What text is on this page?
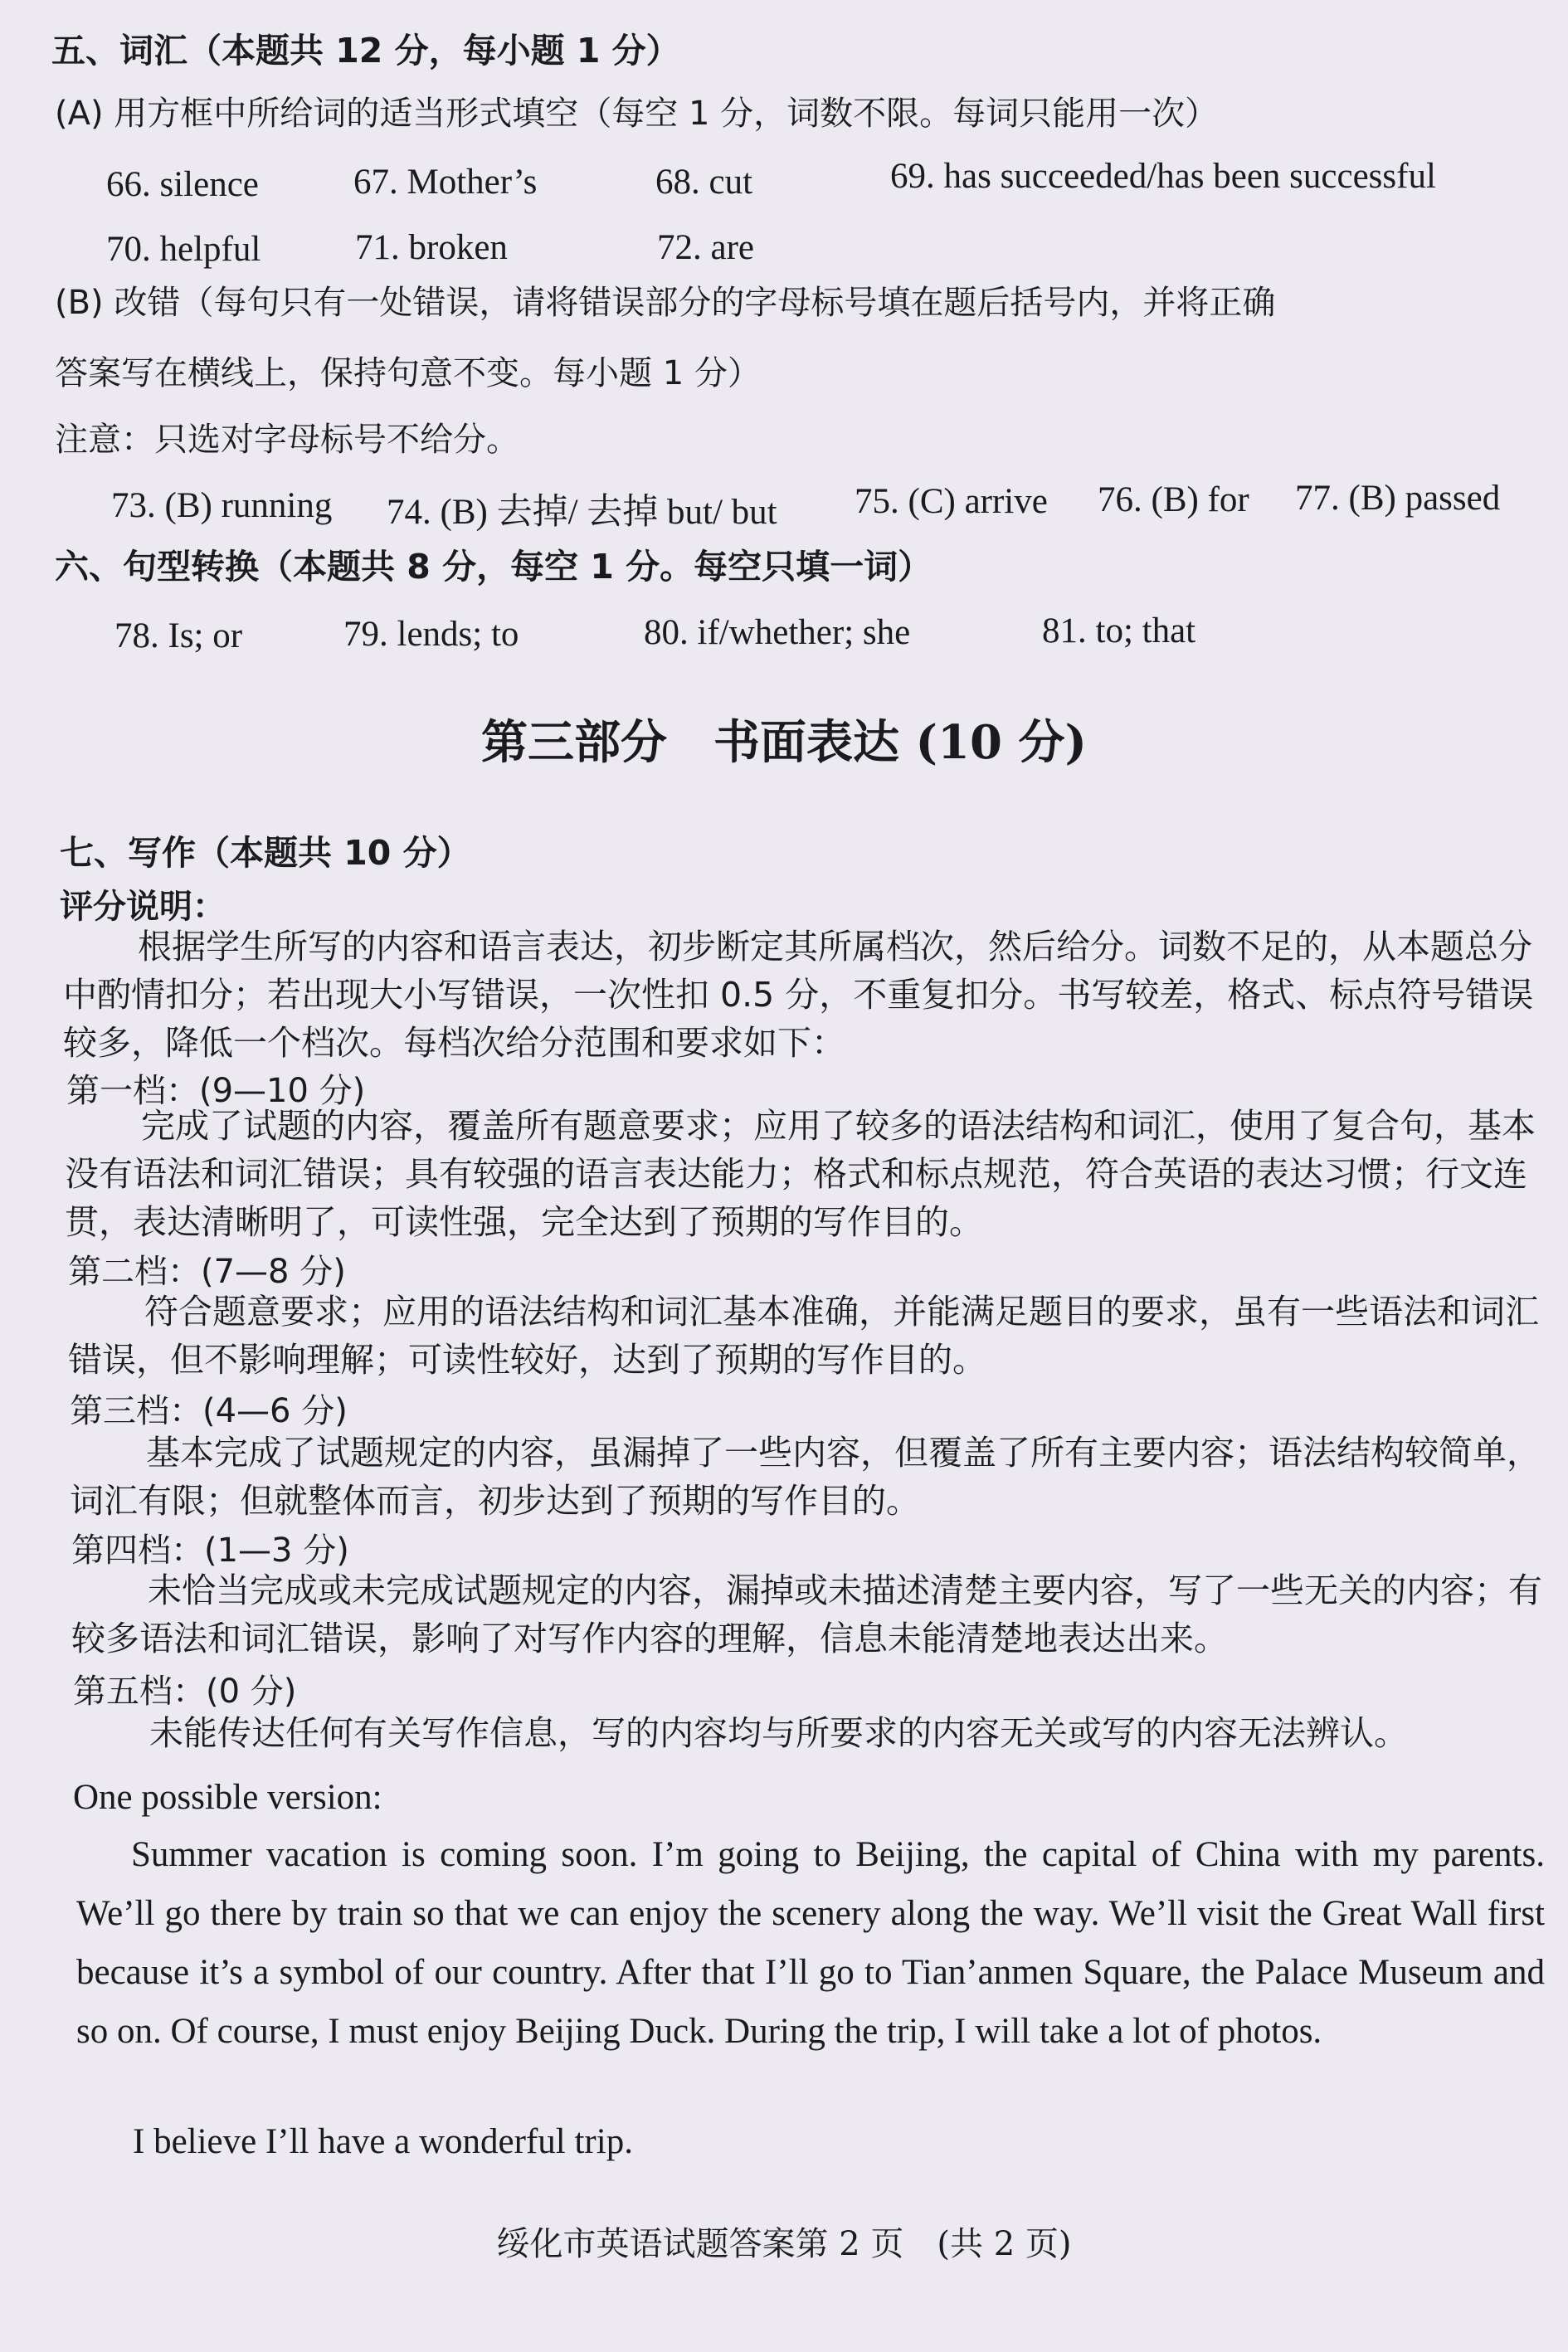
五、词汇（本题共 12 分，每小题 1 分）
(A) 用方框中所给词的适当形式填空（每空 1 分，词数不限。每词只能用一次）
66. silence	67. Mother’s	68. cut	69. has succeeded/has been successful
70. helpful	71. broken	72. are
(B) 改错（每句只有一处错误，请将错误部分的字母标号填在题后括号内，并将正确
答案写在横线上，保持句意不变。每小题 1 分）
注意：只选对字母标号不给分。
73. (B) running 74. (B) 去掉/ 去掉 but/ but 75. (C) arrive 76. (B) for 77. (B) passed
六、句型转换（本题共 8 分，每空 1 分。每空只填一词）
78. Is; or	79. lends; to	80. if/whether; she	81. to; that
第三部分　书面表达 (10 分)
七、写作（本题共 10 分）
评分说明：
根据学生所写的内容和语言表达，初步断定其所属档次，然后给分。词数不足的，从本题总分中酌情扣分；若出现大小写错误，一次性扣 0.5 分，不重复扣分。书写较差，格式、标点符号错误较多，降低一个档次。每档次给分范围和要求如下：
第一档：(9—10 分)
完成了试题的内容，覆盖所有题意要求；应用了较多的语法结构和词汇，使用了复合句，基本没有语法和词汇错误；具有较强的语言表达能力；格式和标点规范，符合英语的表达习惯；行文连贯，表达清晰明了，可读性强，完全达到了预期的写作目的。
第二档：(7—8 分)
符合题意要求；应用的语法结构和词汇基本准确，并能满足题目的要求，虽有一些语法和词汇错误，但不影响理解；可读性较好，达到了预期的写作目的。
第三档：(4—6 分)
基本完成了试题规定的内容，虽漏掉了一些内容，但覆盖了所有主要内容；语法结构较简单，词汇有限；但就整体而言，初步达到了预期的写作目的。
第四档：(1—3 分)
未恰当完成或未完成试题规定的内容，漏掉或未描述清楚主要内容，写了一些无关的内容；有较多语法和词汇错误，影响了对写作内容的理解，信息未能清楚地表达出来。
第五档：(0 分)
未能传达任何有关写作信息，写的内容均与所要求的内容无关或写的内容无法辨认。
One possible version:
Summer vacation is coming soon. I’m going to Beijing, the capital of China with my parents. We’ll go there by train so that we can enjoy the scenery along the way. We’ll visit the Great Wall first because it’s a symbol of our country. After that I’ll go to Tian’anmen Square, the Palace Museum and so on. Of course, I must enjoy Beijing Duck. During the trip, I will take a lot of photos.
I believe I’ll have a wonderful trip.
绥化市英语试题答案第 2 页　(共 2 页)
